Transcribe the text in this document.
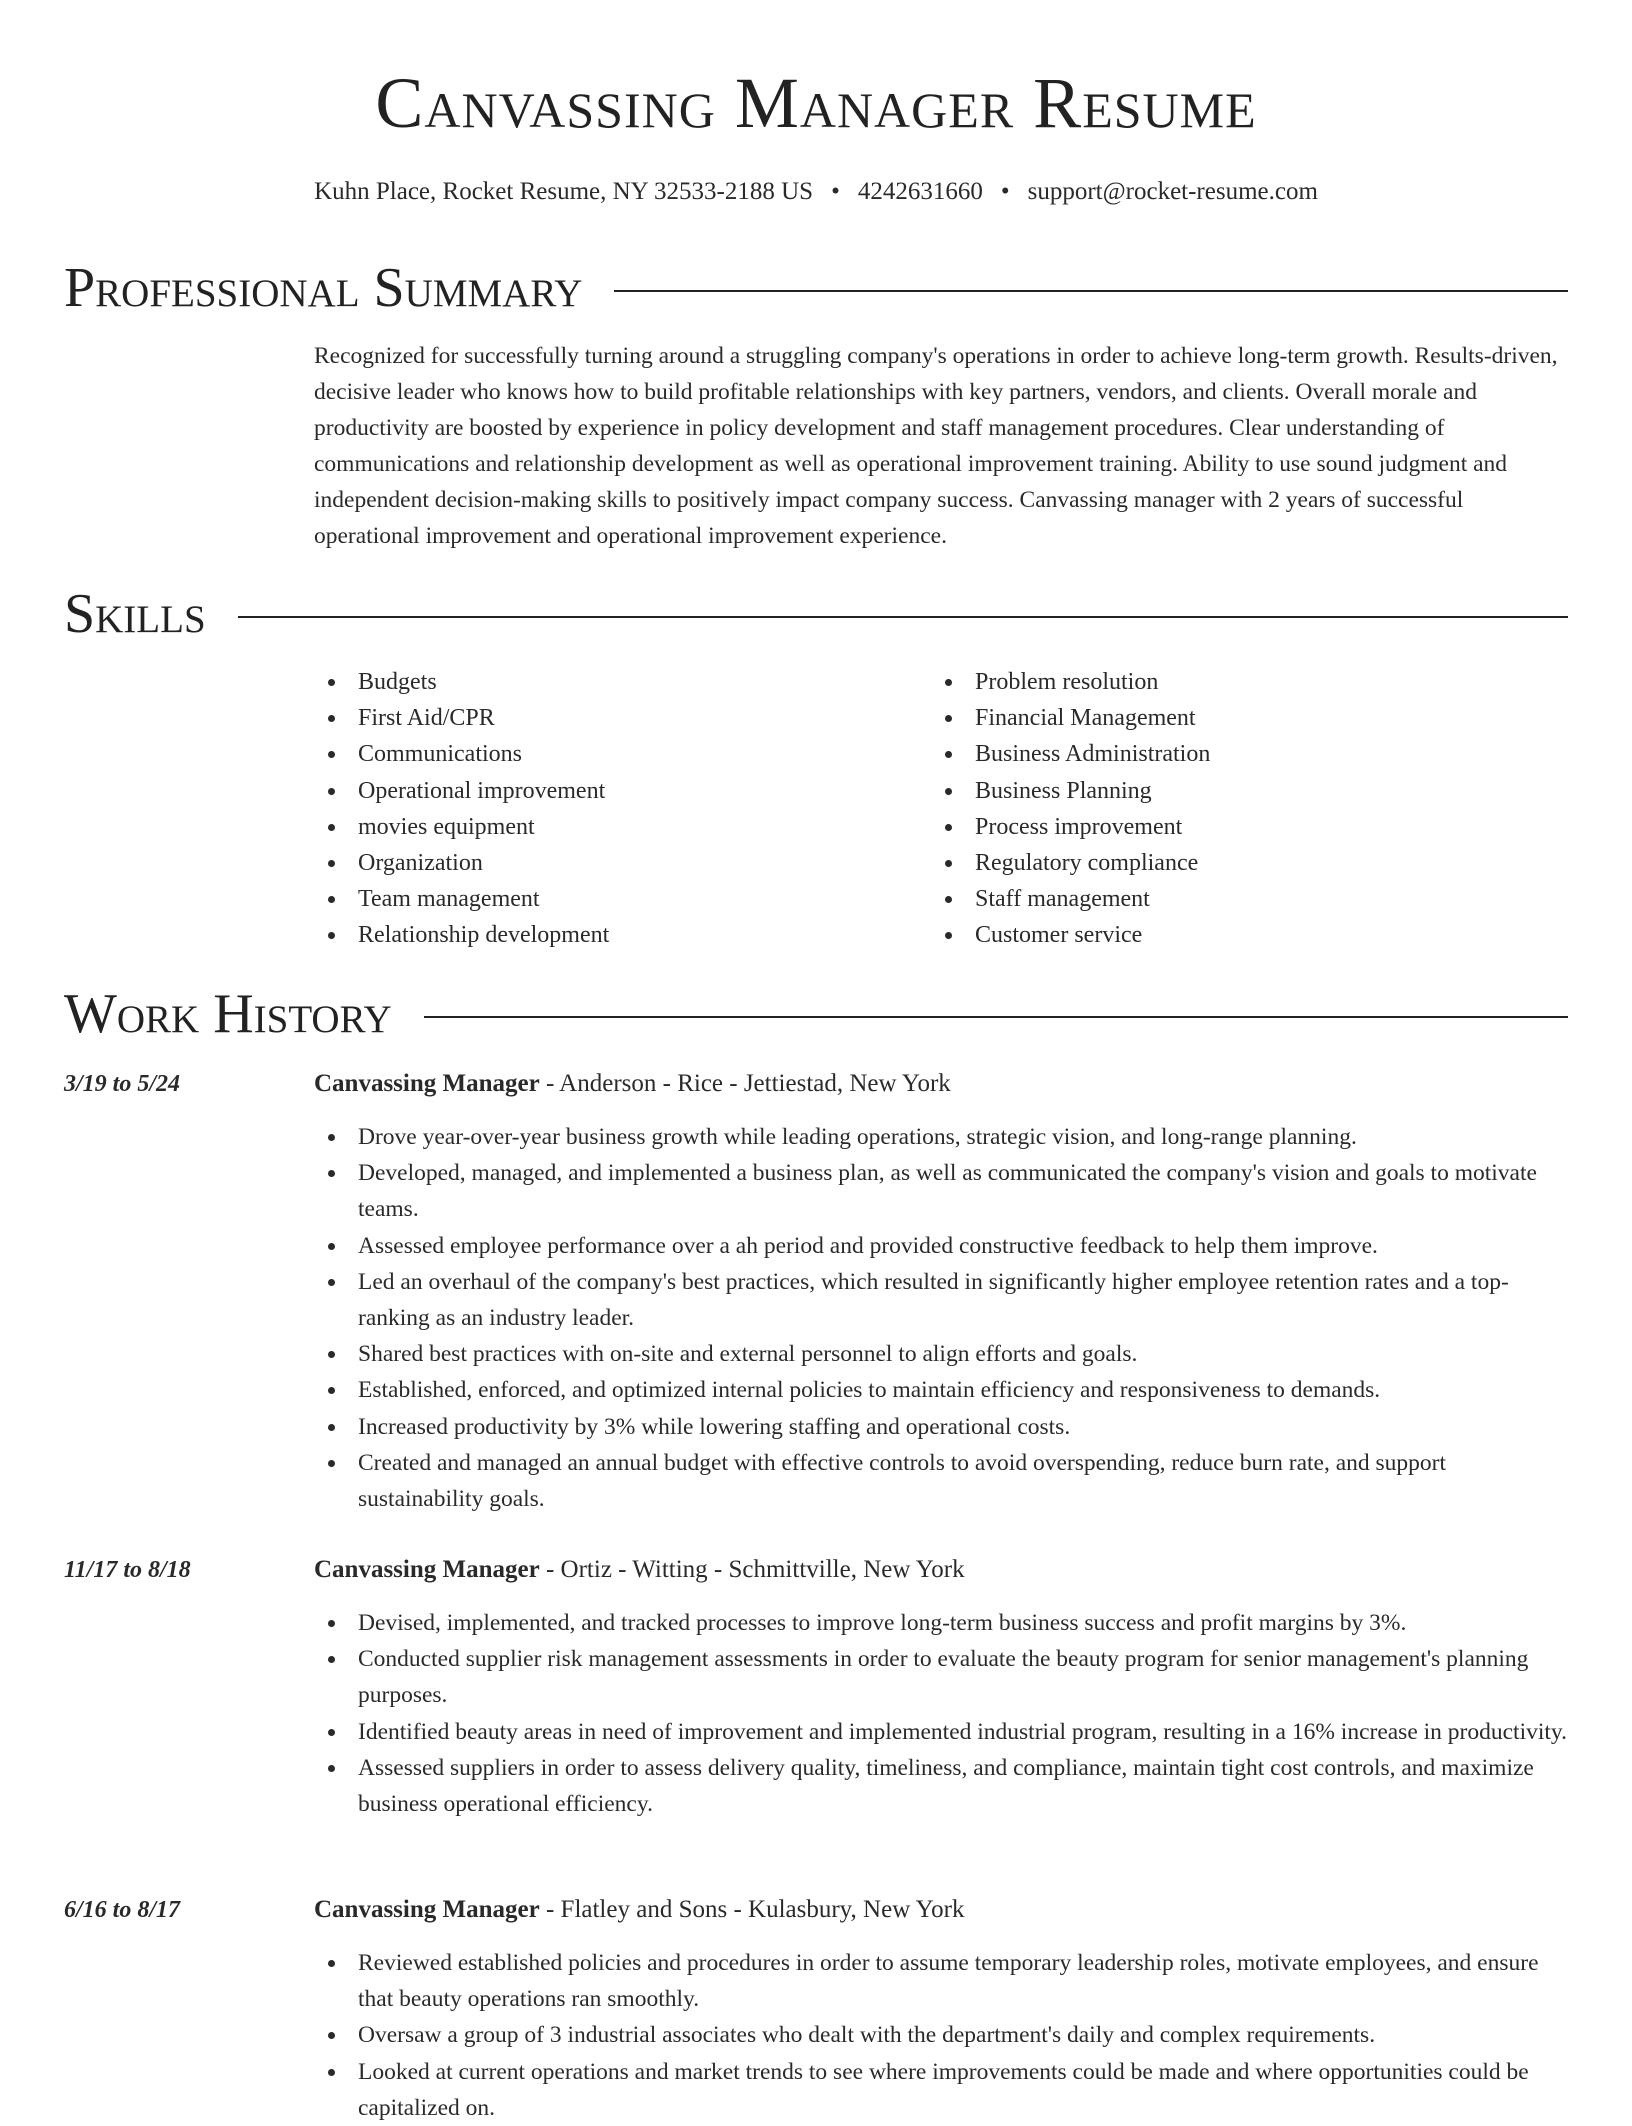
Canvassing Manager Resume
Kuhn Place, Rocket Resume, NY 32533-2188 US • 4242631660 • support@rocket-resume.com
Professional Summary
Recognized for successfully turning around a struggling company's operations in order to achieve long-term growth. Results-driven, decisive leader who knows how to build profitable relationships with key partners, vendors, and clients. Overall morale and productivity are boosted by experience in policy development and staff management procedures. Clear understanding of communications and relationship development as well as operational improvement training. Ability to use sound judgment and independent decision-making skills to positively impact company success. Canvassing manager with 2 years of successful operational improvement and operational improvement experience.
Skills
Budgets
First Aid/CPR
Communications
Operational improvement
movies equipment
Organization
Team management
Relationship development
Problem resolution
Financial Management
Business Administration
Business Planning
Process improvement
Regulatory compliance
Staff management
Customer service
Work History
3/19 to 5/24	Canvassing Manager - Anderson - Rice - Jettiestad, New York
Drove year-over-year business growth while leading operations, strategic vision, and long-range planning.
Developed, managed, and implemented a business plan, as well as communicated the company's vision and goals to motivate teams.
Assessed employee performance over a ah period and provided constructive feedback to help them improve.
Led an overhaul of the company's best practices, which resulted in significantly higher employee retention rates and a top-ranking as an industry leader.
Shared best practices with on-site and external personnel to align efforts and goals.
Established, enforced, and optimized internal policies to maintain efficiency and responsiveness to demands.
Increased productivity by 3% while lowering staffing and operational costs.
Created and managed an annual budget with effective controls to avoid overspending, reduce burn rate, and support sustainability goals.
11/17 to 8/18	Canvassing Manager - Ortiz - Witting - Schmittville, New York
Devised, implemented, and tracked processes to improve long-term business success and profit margins by 3%.
Conducted supplier risk management assessments in order to evaluate the beauty program for senior management's planning purposes.
Identified beauty areas in need of improvement and implemented industrial program, resulting in a 16% increase in productivity.
Assessed suppliers in order to assess delivery quality, timeliness, and compliance, maintain tight cost controls, and maximize business operational efficiency.
6/16 to 8/17	Canvassing Manager - Flatley and Sons - Kulasbury, New York
Reviewed established policies and procedures in order to assume temporary leadership roles, motivate employees, and ensure that beauty operations ran smoothly.
Oversaw a group of 3 industrial associates who dealt with the department's daily and complex requirements.
Looked at current operations and market trends to see where improvements could be made and where opportunities could be capitalized on.
